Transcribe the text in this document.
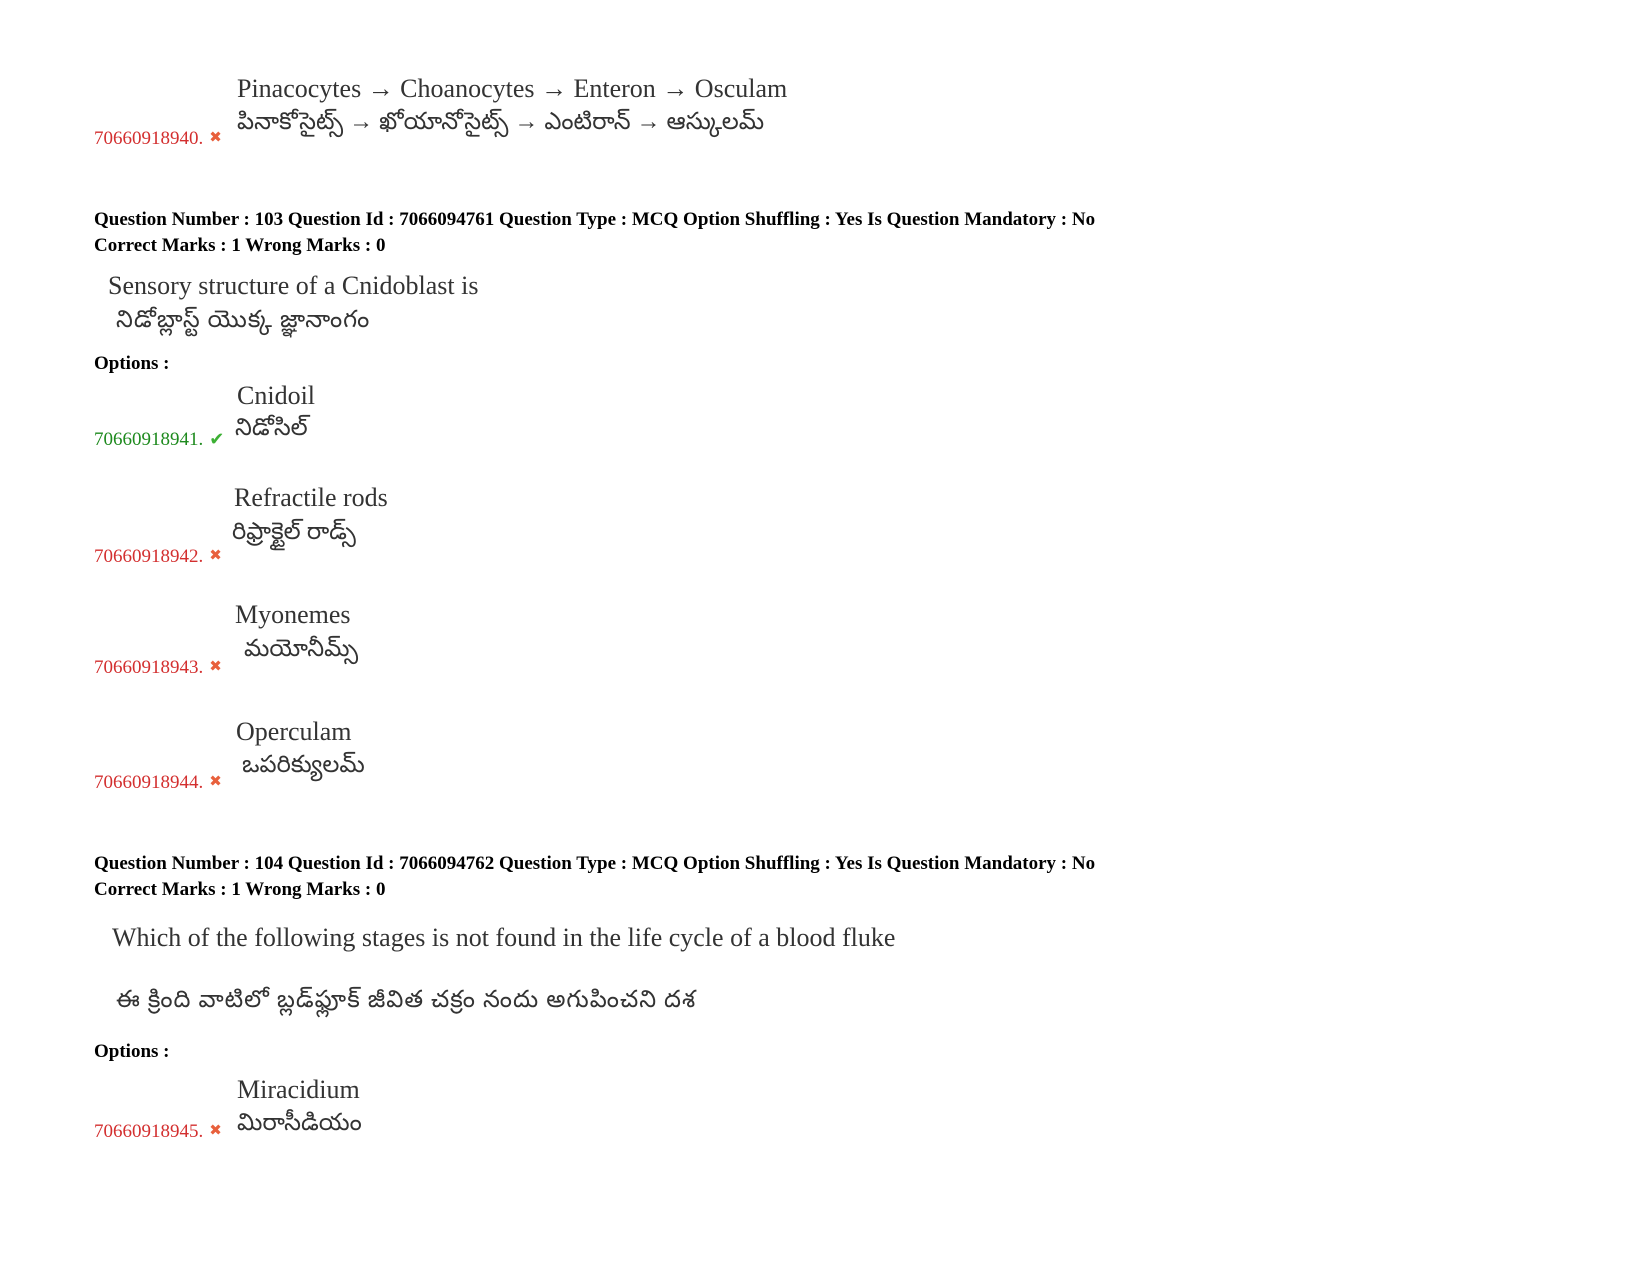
Pinacocytes → Choanocytes → Enteron → Osculam
పినాకోసైట్స్ → ఖోయానోసైట్స్ → ఎంటిరాన్ → ఆస్కులమ్
70660918940. ✖
Question Number : 103 Question Id : 7066094761 Question Type : MCQ Option Shuffling : Yes Is Question Mandatory : No
Correct Marks : 1 Wrong Marks : 0
Sensory structure of a Cnidoblast is
నిడోబ్లాస్ట్ యొక్క జ్ఞానాంగం
Options :
Cnidoil
నిడోసిల్
70660918941. ✔
Refractile rods
రిఫ్రాక్టైల్ రాడ్స్
70660918942. ✖
Myonemes
మయోనీమ్స్
70660918943. ✖
Operculam
ఒపరిక్యులమ్
70660918944. ✖
Question Number : 104 Question Id : 7066094762 Question Type : MCQ Option Shuffling : Yes Is Question Mandatory : No
Correct Marks : 1 Wrong Marks : 0
Which of the following stages is not found in the life cycle of a blood fluke
ఈ క్రింది వాటిలో బ్లడ్‌ఫ్లూక్ జీవిత చక్రం నందు అగుపించని దశ
Options :
Miracidium
మిరాసీడియం
70660918945. ✖
